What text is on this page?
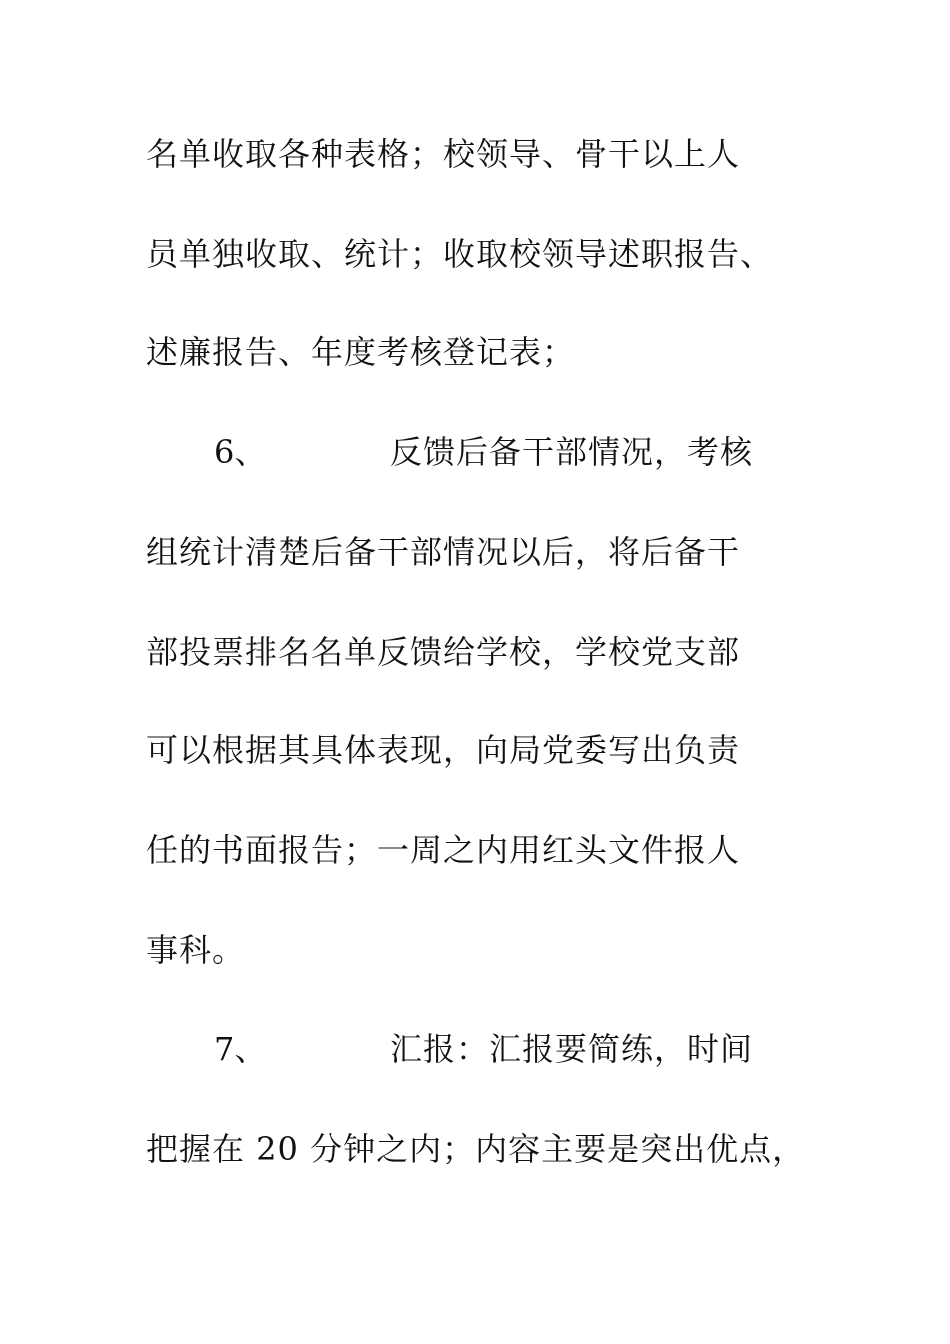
名单收取各种表格；校领导、骨干以上人
员单独收取、统计；收取校领导述职报告、
述廉报告、年度考核登记表；
6、	反馈后备干部情况，考核
组统计清楚后备干部情况以后，将后备干
部投票排名名单反馈给学校，学校党支部
可以根据其具体表现，向局党委写出负责
任的书面报告；一周之内用红头文件报人
事科。
7、	汇报：汇报要简练，时间
把握在 20 分钟之内；内容主要是突出优点，
